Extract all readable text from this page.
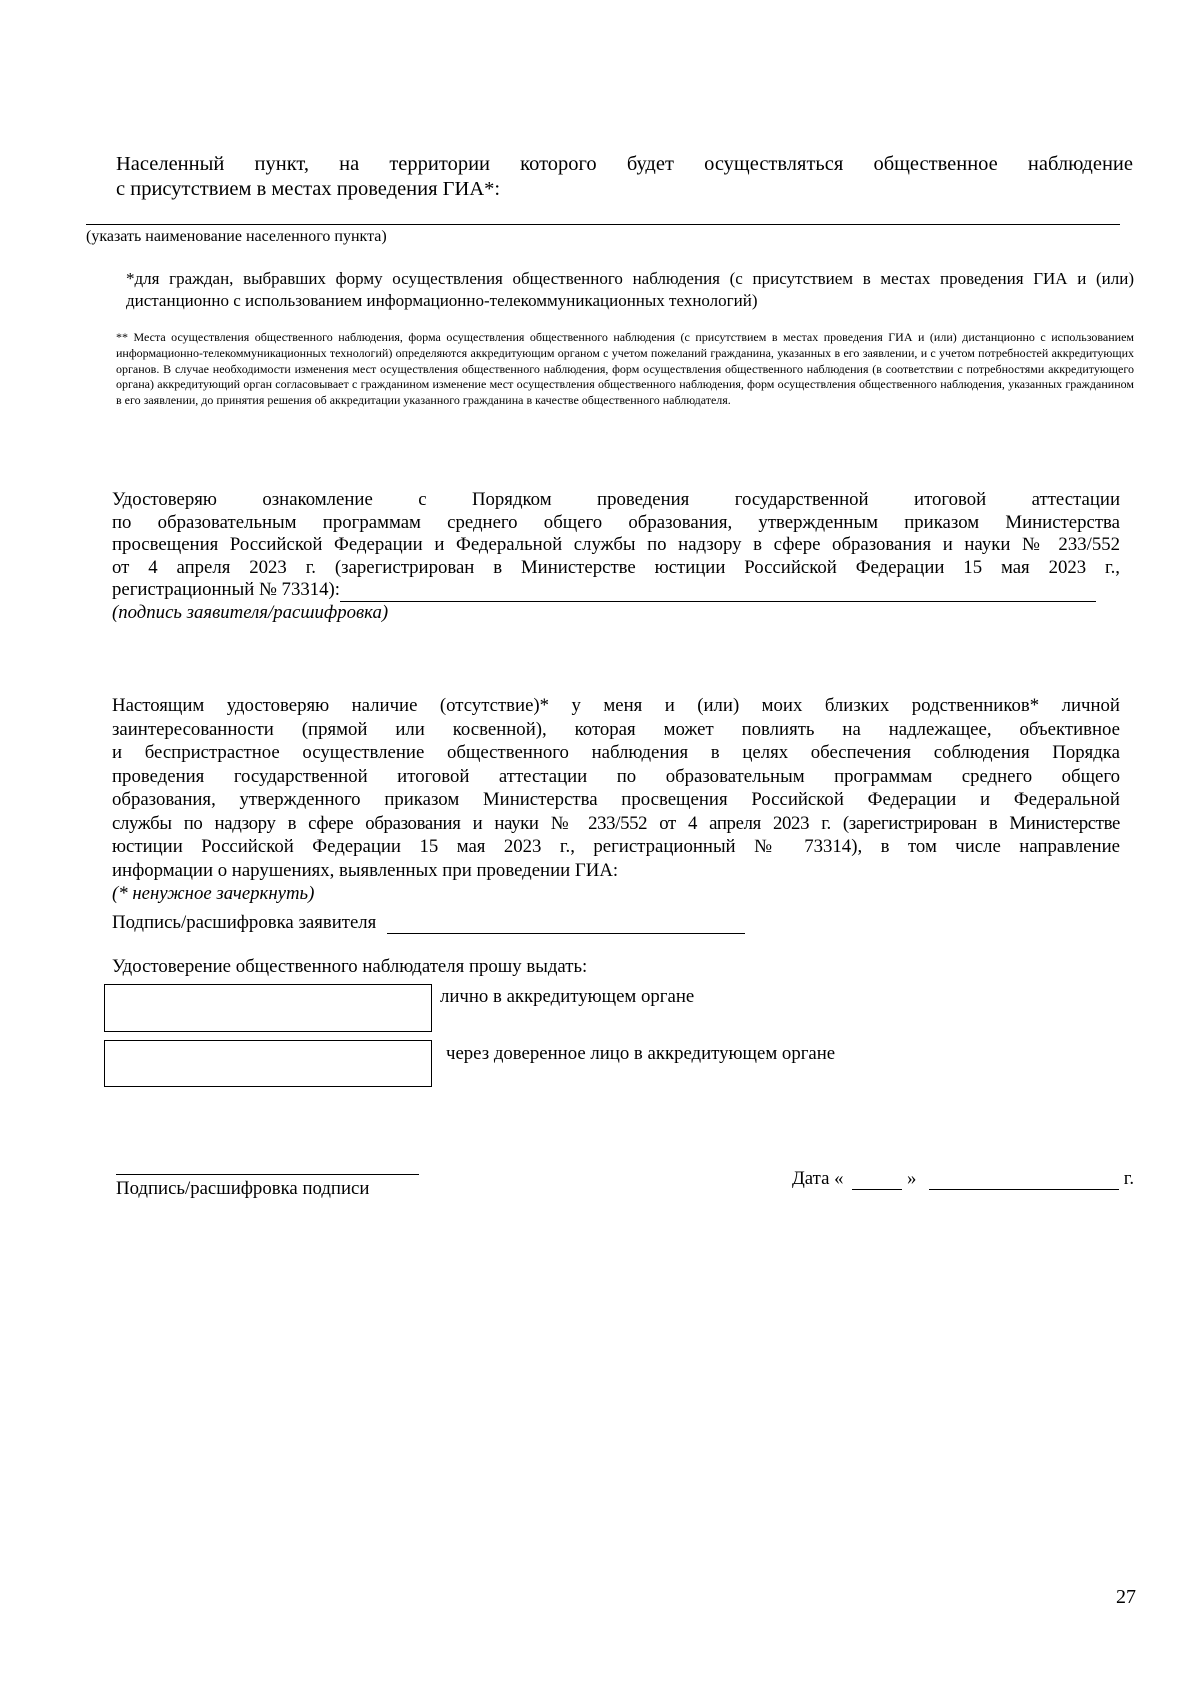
Населенный пункт, на территории которого будет осуществляться общественное наблюдение
с присутствием в местах проведения ГИА*:
(указать наименование населенного пункта)
*для граждан, выбравших форму осуществления общественного наблюдения (с присутствием в местах проведения ГИА и (или) дистанционно с использованием информационно-телекоммуникационных технологий)
** Места осуществления общественного наблюдения, форма осуществления общественного наблюдения (с присутствием в местах проведения ГИА и (или) дистанционно с использованием информационно-телекоммуникационных технологий) определяются аккредитующим органом с учетом пожеланий гражданина, указанных в его заявлении, и с учетом потребностей аккредитующих органов. В случае необходимости изменения мест осуществления общественного наблюдения, форм осуществления общественного наблюдения (в соответствии с потребностями аккредитующего органа) аккредитующий орган согласовывает с гражданином изменение мест осуществления общественного наблюдения, форм осуществления общественного наблюдения, указанных гражданином в его заявлении, до принятия решения об аккредитации указанного гражданина в качестве общественного наблюдателя.
Удостоверяю ознакомление с Порядком проведения государственной итоговой аттестации
по образовательным программам среднего общего образования, утвержденным приказом Министерства
просвещения Российской Федерации и Федеральной службы по надзору в сфере образования и науки № 233/552
от 4 апреля 2023 г. (зарегистрирован в Министерстве юстиции Российской Федерации 15 мая 2023 г.,
регистрационный № 73314):
(подпись заявителя/расшифровка)
Настоящим удостоверяю наличие (отсутствие)* у меня и (или) моих близких родственников* личной
заинтересованности (прямой или косвенной), которая может повлиять на надлежащее, объективное
и беспристрастное осуществление общественного наблюдения в целях обеспечения соблюдения Порядка
проведения государственной итоговой аттестации по образовательным программам среднего общего
образования, утвержденного приказом Министерства просвещения Российской Федерации и Федеральной
службы по надзору в сфере образования и науки № 233/552 от 4 апреля 2023 г. (зарегистрирован в Министерстве
юстиции Российской Федерации 15 мая 2023 г., регистрационный № 73314), в том числе направление
информации о нарушениях, выявленных при проведении ГИА:
(* ненужное зачеркнуть)
Подпись/расшифровка заявителя
Удостоверение общественного наблюдателя прошу выдать:
лично в аккредитующем органе
через доверенное лицо в аккредитующем органе
Подпись/расшифровка подписи	Дата «	»	г.
27
